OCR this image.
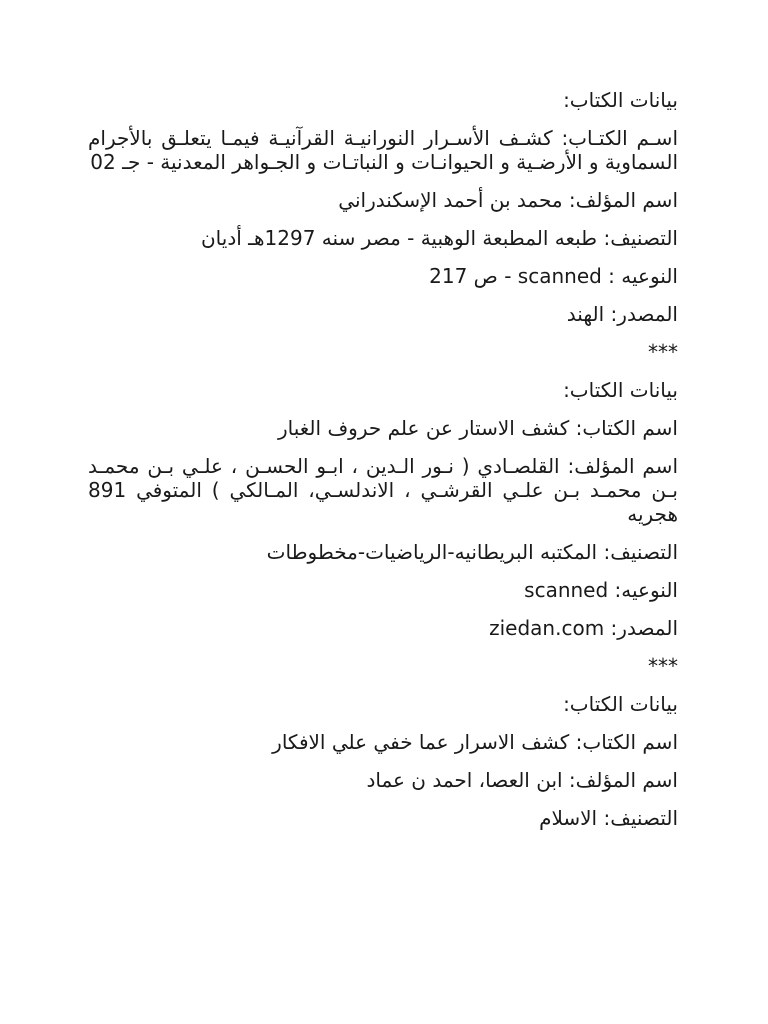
بيانات الكتاب:

اسـم الكتـاب: كشـف الأسـرار النورانيـة القرآنيـة فيمـا يتعلـق بالأجرام السماوية و الأرضـية و الحيوانـات و النباتـات و الجـواهر المعدنية - جـ 02

اسم المؤلف: محمد بن أحمد الإسكندراني

التصنيف: طبعه المطبعة الوهبية - مصر سنه 1297هـ أديان

النوعيه : scanned - ص 217

المصدر: الهند

***

بيانات الكتاب:

اسم الكتاب: كشف الاستار عن علم حروف الغبار

اسم المؤلف: القلصـادي ( نـور الـدين ، ابـو الحسـن ، علـي بـن محمـد بـن محمـد بـن علـي القرشـي ، الاندلسـي، المـالكي ) المتوفي 891 هجريه

التصنيف: المكتبه البريطانيه-الرياضيات-مخطوطات

النوعيه: scanned

المصدر: ziedan.com

***

بيانات الكتاب:

اسم الكتاب: كشف الاسرار عما خفي علي الافكار

اسم المؤلف: ابن العصا، احمد ن عماد

التصنيف: الاسلام
